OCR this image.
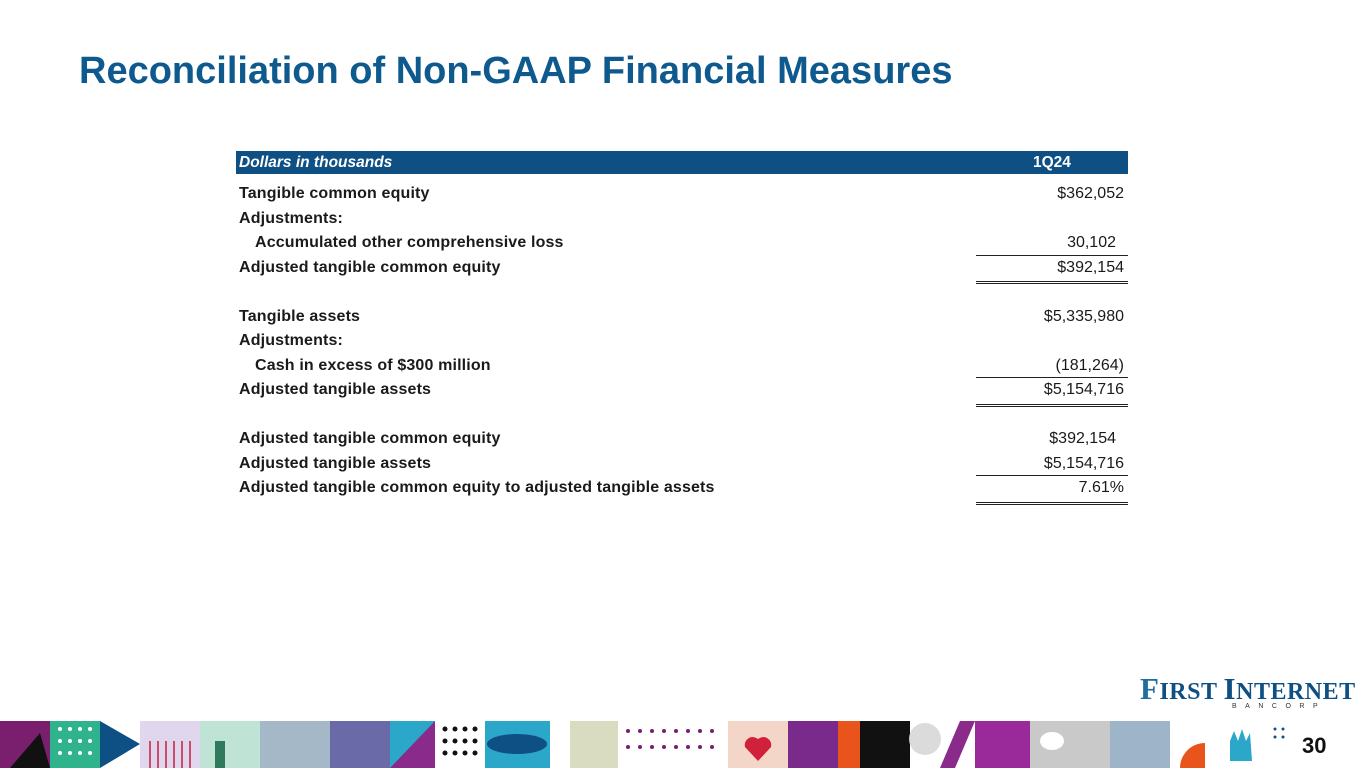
Reconciliation of Non-GAAP Financial Measures
Dollars in thousands	1Q24
Tangible common equity	$362,052
Adjustments:
Accumulated other comprehensive loss	30,102
Adjusted tangible common equity	$392,154
Tangible assets	$5,335,980
Adjustments:
Cash in excess of $300 million	(181,264)
Adjusted tangible assets	$5,154,716
Adjusted tangible common equity	$392,154
Adjusted tangible assets	$5,154,716
Adjusted tangible common equity to adjusted tangible assets	7.61%
FIRST INTERNET
BANCORP
30
